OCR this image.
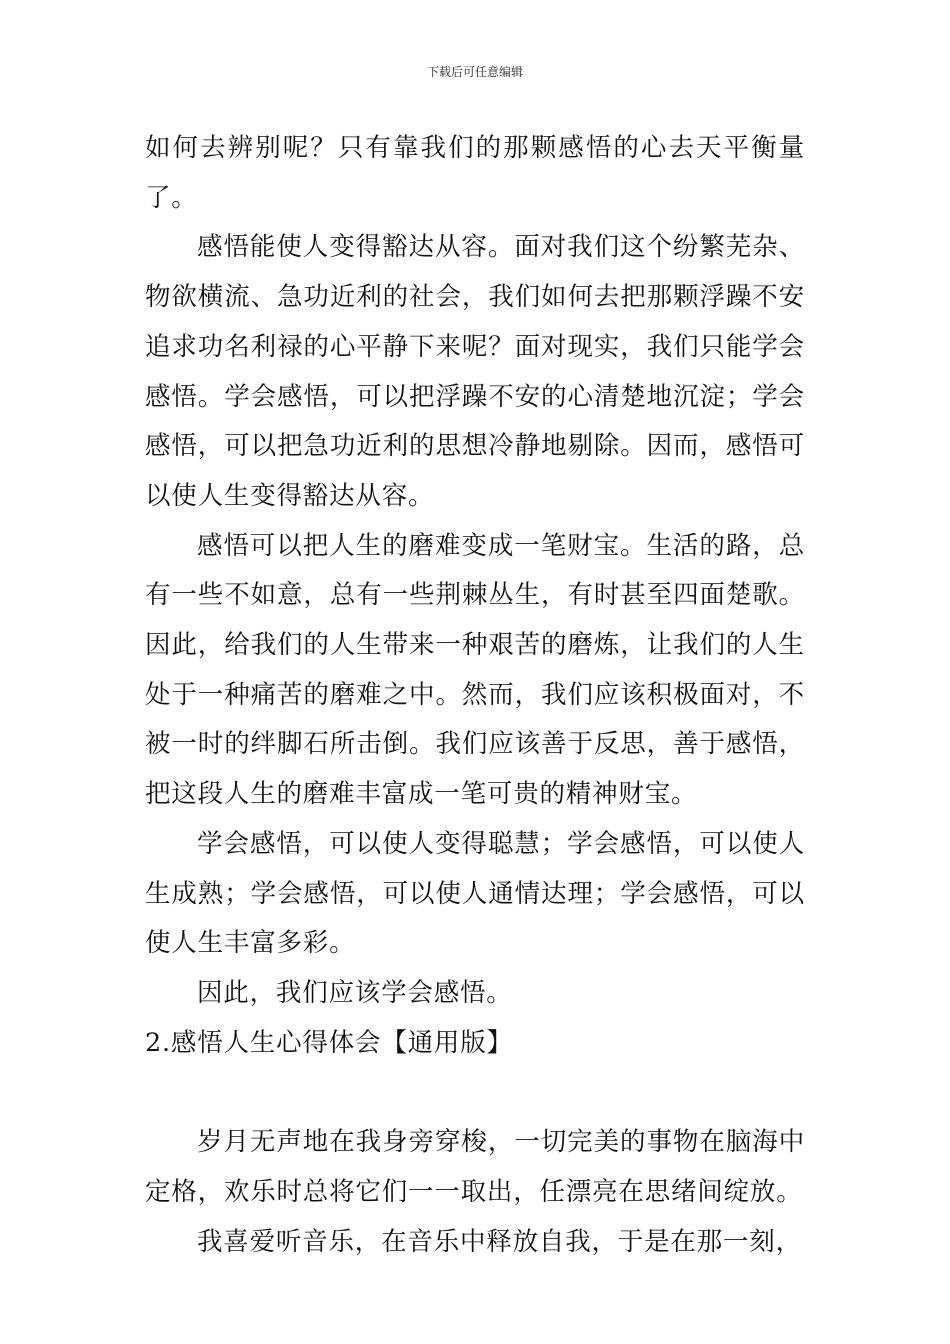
下载后可任意编辑

如何去辨别呢？只有靠我们的那颗感悟的心去天平衡量了。

感悟能使人变得豁达从容。面对我们这个纷繁芜杂、物欲横流、急功近利的社会，我们如何去把那颗浮躁不安追求功名利禄的心平静下来呢？面对现实，我们只能学会感悟。学会感悟，可以把浮躁不安的心清楚地沉淀；学会感悟，可以把急功近利的思想冷静地剔除。因而，感悟可以使人生变得豁达从容。

感悟可以把人生的磨难变成一笔财宝。生活的路，总有一些不如意，总有一些荆棘丛生，有时甚至四面楚歌。因此，给我们的人生带来一种艰苦的磨炼，让我们的人生处于一种痛苦的磨难之中。然而，我们应该积极面对，不被一时的绊脚石所击倒。我们应该善于反思，善于感悟，把这段人生的磨难丰富成一笔可贵的精神财宝。

学会感悟，可以使人变得聪慧；学会感悟，可以使人生成熟；学会感悟，可以使人通情达理；学会感悟，可以使人生丰富多彩。

因此，我们应该学会感悟。

2.感悟人生心得体会【通用版】

岁月无声地在我身旁穿梭，一切完美的事物在脑海中定格，欢乐时总将它们一一取出，任漂亮在思绪间绽放。

我喜爱听音乐，在音乐中释放自我，于是在那一刻，
